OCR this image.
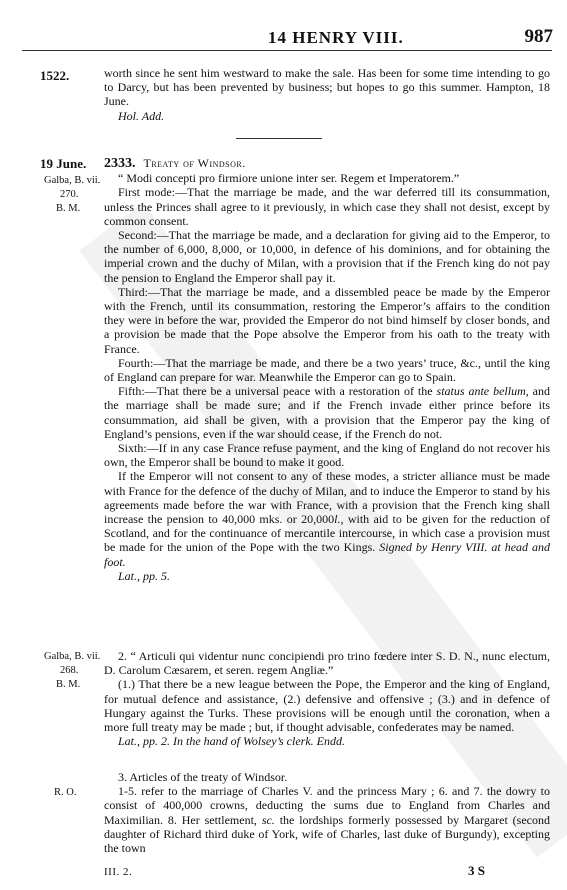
14 HENRY VIII.	987
1522.	worth since he sent him westward to make the sale. Has been for some time intending to go to Darcy, but has been prevented by business; but hopes to go this summer. Hampton, 18 June.

Hol. Add.

19 June.
Galba, B. vii.
270.
B. M.

2333. Treaty of Windsor.

“ Modi concepti pro firmiore unione inter ser. Regem et Imperatorem.”

First mode:—That the marriage be made, and the war deferred till its consummation, unless the Princes shall agree to it previously, in which case they shall not desist, except by common consent.

Second:—That the marriage be made, and a declaration for giving aid to the Emperor, to the number of 6,000, 8,000, or 10,000, in defence of his dominions, and for obtaining the imperial crown and the duchy of Milan, with a provision that if the French king do not pay the pension to England the Emperor shall pay it.

Third:—That the marriage be made, and a dissembled peace be made by the Emperor with the French, until its consummation, restoring the Emperor’s affairs to the condition they were in before the war, provided the Emperor do not bind himself by closer bonds, and a provision be made that the Pope absolve the Emperor from his oath to the treaty with France.

Fourth:—That the marriage be made, and there be a two years’ truce, &c., until the king of England can prepare for war. Meanwhile the Emperor can go to Spain.

Fifth:—That there be a universal peace with a restoration of the status ante bellum, and the marriage shall be made sure; and if the French invade either prince before its consummation, aid shall be given, with a provision that the Emperor pay the king of England’s pensions, even if the war should cease, if the French do not.

Sixth:—If in any case France refuse payment, and the king of England do not recover his own, the Emperor shall be bound to make it good.

If the Emperor will not consent to any of these modes, a stricter alliance must be made with France for the defence of the duchy of Milan, and to induce the Emperor to stand by his agreements made before the war with France, with a provision that the French king shall increase the pension to 40,000 mks. or 20,000l., with aid to be given for the reduction of Scotland, and for the continuance of mercantile intercourse, in which case a provision must be made for the union of the Pope with the two Kings. Signed by Henry VIII. at head and foot.

Lat., pp. 5.

Galba, B. vii.
268.
B. M.

2. “ Articuli qui videntur nunc concipiendi pro trino fœdere inter S. D. N., nunc electum, D. Carolum Cæsarem, et seren. regem Angliæ.”

(1.) That there be a new league between the Pope, the Emperor and the king of England, for mutual defence and assistance, (2.) defensive and offensive ; (3.) and in defence of Hungary against the Turks. These provisions will be enough until the coronation, when a more full treaty may be made ; but, if thought advisable, confederates may be named.

Lat., pp. 2. In the hand of Wolsey’s clerk. Endd.

R. O.

3. Articles of the treaty of Windsor.

1-5. refer to the marriage of Charles V. and the princess Mary ; 6. and 7. the dowry to consist of 400,000 crowns, deducting the sums due to England from Charles and Maximilian. 8. Her settlement, sc. the lordships formerly possessed by Margaret (second daughter of Richard third duke of York, wife of Charles, last duke of Burgundy), excepting the town

III. 2.	3 S
